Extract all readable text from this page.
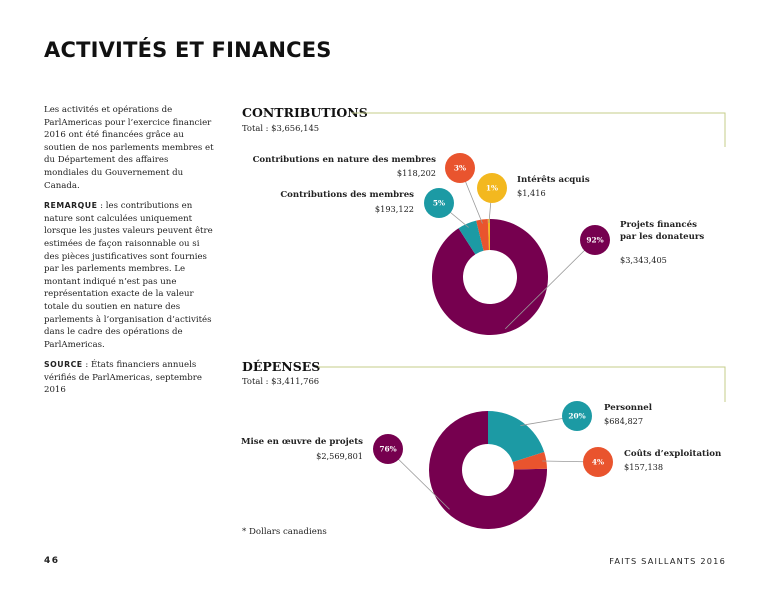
ACTIVITÉS ET FINANCES

Les activités et opérations de ParlAmericas pour l’exercice financier 2016 ont été financées grâce au soutien de nos parlements membres et du Département des affaires mondiales du Gouvernement du Canada.

REMARQUE : les contributions en nature sont calculées uniquement lorsque les justes valeurs peuvent être estimées de façon raisonnable ou si des pièces justificatives sont fournies par les parlements membres. Le montant indiqué n’est pas une représentation exacte de la valeur totale du soutien en nature des parlements à l’organisation d’activités dans le cadre des opérations de ParlAmericas.

SOURCE : États financiers annuels vérifiés de ParlAmericas, septembre 2016

CONTRIBUTIONS
Total : $3,656,145
92%
Projets financés
par les donateurs
$3,343,405
5%
Contributions des membres
$193,122
3%
Contributions en nature des membres
$118,202
1%
Intérêts acquis
$1,416
DÉPENSES
Total : $3,411,766
76%
Mise en œuvre de projets
$2,569,801
20%
Personnel
$684,827
4%
Coûts d’exploitation
$157,138
* Dollars canadiens
46	FAITS SAILLANTS 2016
